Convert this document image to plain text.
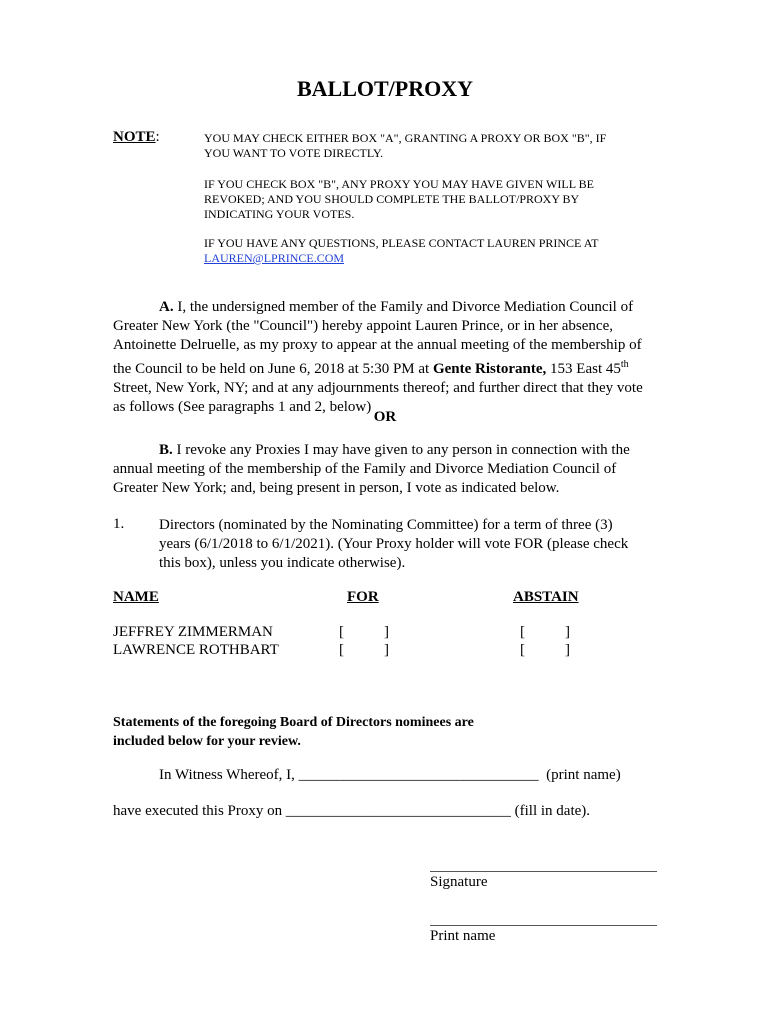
BALLOT/PROXY
NOTE:	YOU MAY CHECK EITHER BOX "A", GRANTING A PROXY OR BOX "B", IF
YOU WANT TO VOTE DIRECTLY.
IF YOU CHECK BOX "B", ANY PROXY YOU MAY HAVE GIVEN WILL BE
REVOKED; AND YOU SHOULD COMPLETE THE BALLOT/PROXY BY
INDICATING YOUR VOTES.
IF YOU HAVE ANY QUESTIONS, PLEASE CONTACT LAUREN PRINCE AT
LAUREN@LPRINCE.COM
A. I, the undersigned member of the Family and Divorce Mediation Council of
Greater New York (the "Council") hereby appoint Lauren Prince, or in her absence,
Antoinette Delruelle, as my proxy to appear at the annual meeting of the membership of
the Council to be held on June 6, 2018 at 5:30 PM at Gente Ristorante, 153 East 45th
Street, New York, NY; and at any adjournments thereof; and further direct that they vote
as follows (See paragraphs 1 and 2, below)
OR
B. I revoke any Proxies I may have given to any person in connection with the
annual meeting of the membership of the Family and Divorce Mediation Council of
Greater New York; and, being present in person, I vote as indicated below.
1. Directors (nominated by the Nominating Committee) for a term of three (3)
years (6/1/2018 to 6/1/2021). (Your Proxy holder will vote FOR (please check
this box), unless you indicate otherwise).
NAME	FOR	ABSTAIN
JEFFREY ZIMMERMAN	[	]	[	]
LAWRENCE ROTHBART	[	]	[	]
Statements of the foregoing Board of Directors nominees are
included below for your review.
In Witness Whereof, I, ________________________________ (print name)
have executed this Proxy on ______________________________ (fill in date).
Signature
Print name
